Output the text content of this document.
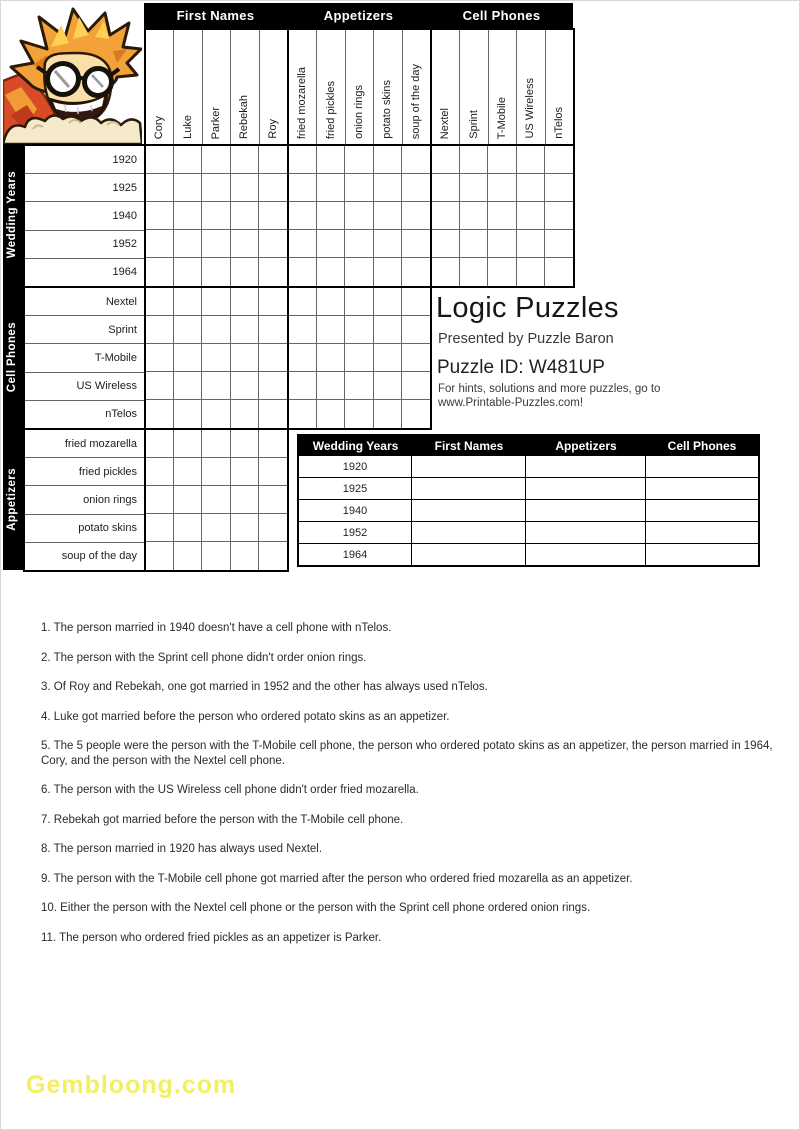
First Names
Cory Luke Parker Rebekah Roy
Appetizers
fried mozarella fried pickles onion rings potato skins soup of the day
Cell Phones
Nextel Sprint T-Mobile US Wireless nTelos
Wedding Years
1920
1925
1940
1952
1964
Cell Phones
Nextel
Sprint
T-Mobile
US Wireless
nTelos
Appetizers
fried mozarella
fried pickles
onion rings
potato skins
soup of the day
Logic Puzzles
Presented by Puzzle Baron
Puzzle ID: W481UP
For hints, solutions and more puzzles, go to
www.Printable-Puzzles.com!
Wedding Years	First Names	Appetizers	Cell Phones
1920
1925
1940
1952
1964

1. The person married in 1940 doesn't have a cell phone with nTelos.

2. The person with the Sprint cell phone didn't order onion rings.

3. Of Roy and Rebekah, one got married in 1952 and the other has always used nTelos.

4. Luke got married before the person who ordered potato skins as an appetizer.

5. The 5 people were the person with the T-Mobile cell phone, the person who ordered potato skins as an appetizer, the person married in 1964, Cory, and the person with the Nextel cell phone.

6. The person with the US Wireless cell phone didn't order fried mozarella.

7. Rebekah got married before the person with the T-Mobile cell phone.

8. The person married in 1920 has always used Nextel.

9. The person with the T-Mobile cell phone got married after the person who ordered fried mozarella as an appetizer.

10. Either the person with the Nextel cell phone or the person with the Sprint cell phone ordered onion rings.

11. The person who ordered fried pickles as an appetizer is Parker.

Gembloong.com
